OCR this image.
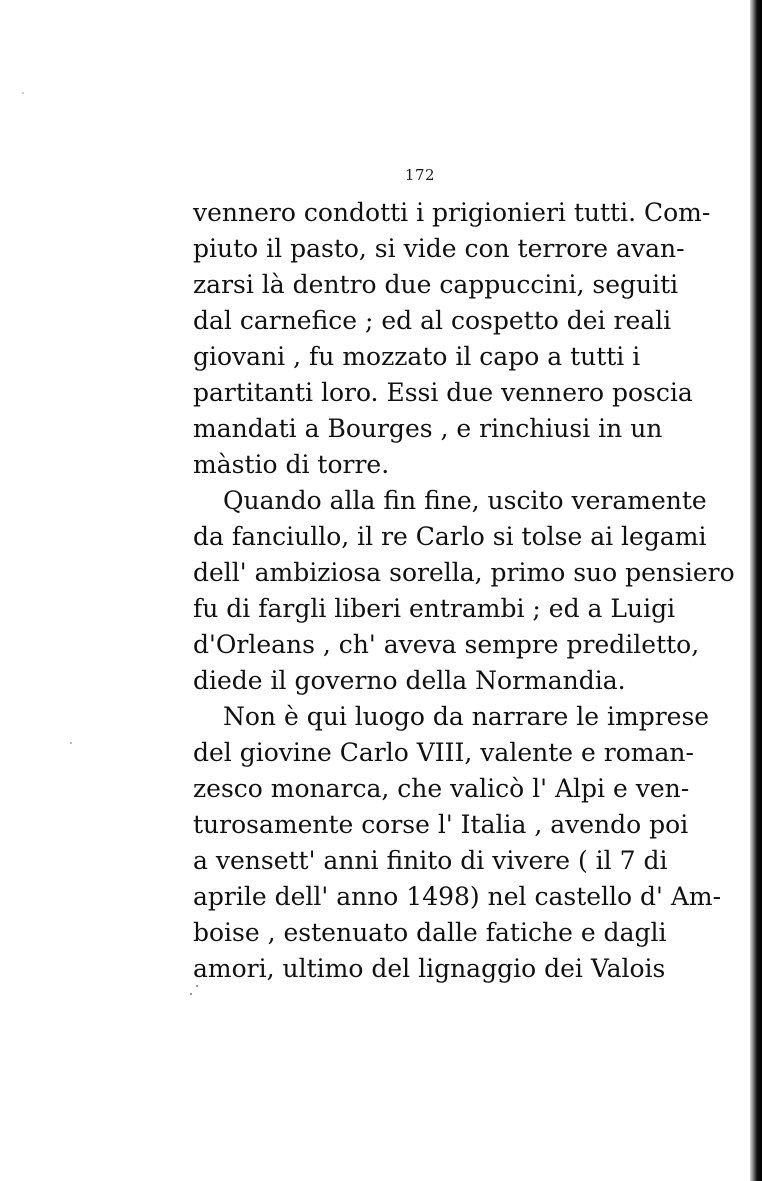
172
vennero condotti i prigionieri tutti. Com-
piuto il pasto, si vide con terrore avan-
zarsi là dentro due cappuccini, seguiti
dal carnefice ; ed al cospetto dei reali
giovani , fu mozzato il capo a tutti i
partitanti loro. Essi due vennero poscia
mandati a Bourges , e rinchiusi in un
màstio di torre.
Quando alla fin fine, uscito veramente
da fanciullo, il re Carlo si tolse ai legami
dell' ambiziosa sorella, primo suo pensiero
fu di fargli liberi entrambi ; ed a Luigi
d'Orleans , ch' aveva sempre prediletto,
diede il governo della Normandia.
Non è qui luogo da narrare le imprese
del giovine Carlo VIII, valente e roman-
zesco monarca, che valicò l' Alpi e ven-
turosamente corse l' Italia , avendo poi
a vensett' anni finito di vivere ( il 7 di
aprile dell' anno 1498) nel castello d' Am-
boise , estenuato dalle fatiche e dagli
amori, ultimo del lignaggio dei Valois
